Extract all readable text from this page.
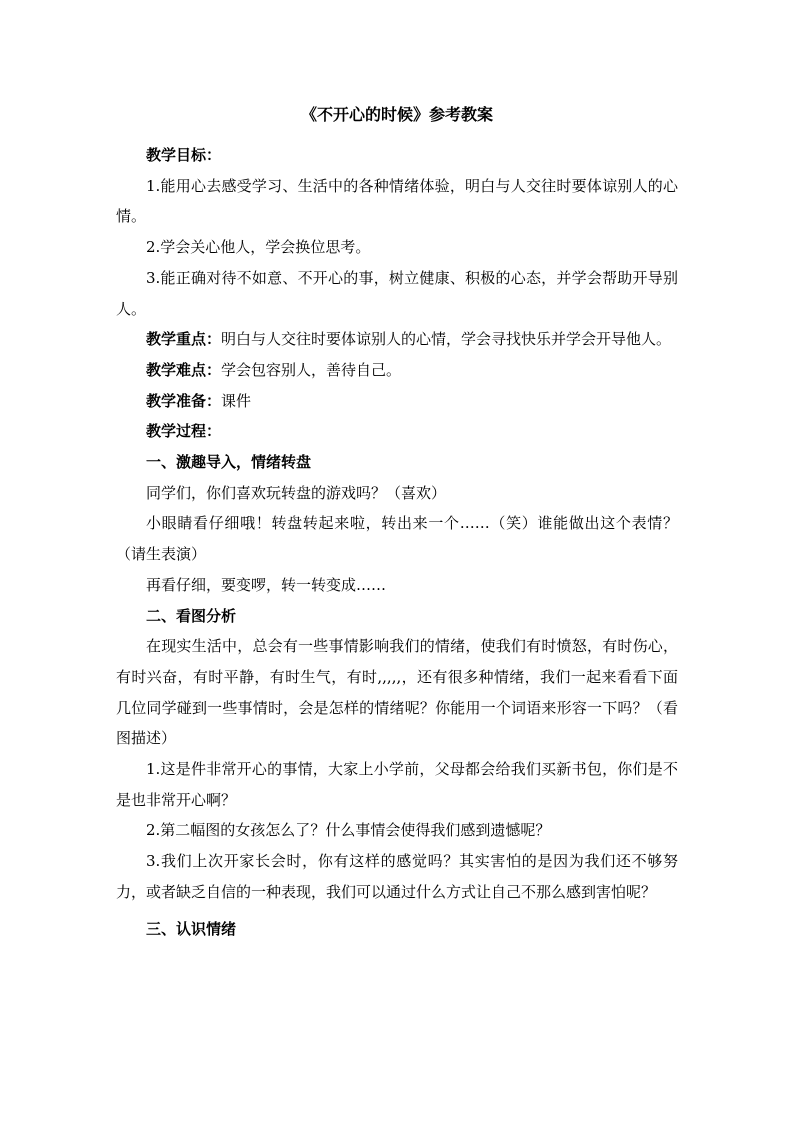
《不开心的时候》参考教案

教学目标：

1.能用心去感受学习、生活中的各种情绪体验，明白与人交往时要体谅别人的心情。

2.学会关心他人，学会换位思考。

3.能正确对待不如意、不开心的事，树立健康、积极的心态，并学会帮助开导别人。

教学重点：明白与人交往时要体谅别人的心情，学会寻找快乐并学会开导他人。

教学难点：学会包容别人，善待自己。

教学准备：课件

教学过程：

一、激趣导入，情绪转盘

同学们，你们喜欢玩转盘的游戏吗？（喜欢）

小眼睛看仔细哦！转盘转起来啦，转出来一个……（笑）谁能做出这个表情？（请生表演）

再看仔细，要变啰，转一转变成……

二、看图分析

在现实生活中，总会有一些事情影响我们的情绪，使我们有时愤怒，有时伤心，有时兴奋，有时平静，有时生气，有时,,,,,，还有很多种情绪，我们一起来看看下面几位同学碰到一些事情时，会是怎样的情绪呢？你能用一个词语来形容一下吗？（看图描述）

1.这是件非常开心的事情，大家上小学前，父母都会给我们买新书包，你们是不是也非常开心啊？

2.第二幅图的女孩怎么了？什么事情会使得我们感到遗憾呢？

3.我们上次开家长会时，你有这样的感觉吗？其实害怕的是因为我们还不够努力，或者缺乏自信的一种表现，我们可以通过什么方式让自己不那么感到害怕呢？

三、认识情绪
